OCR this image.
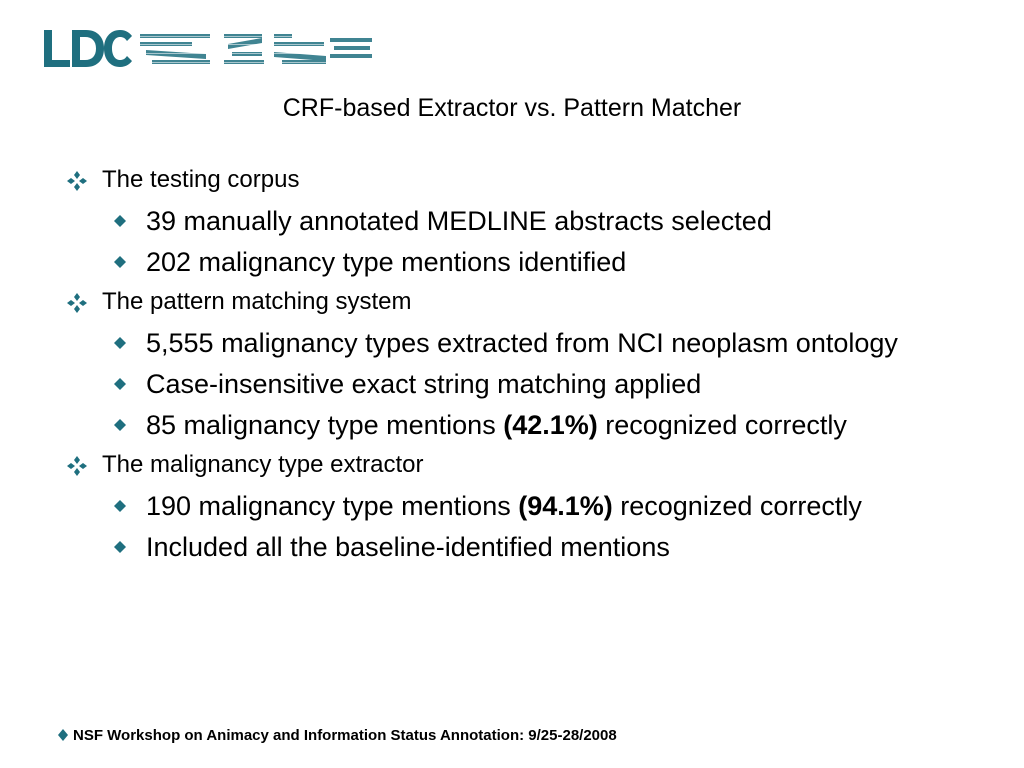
CRF-based Extractor vs. Pattern Matcher
The testing corpus
39 manually annotated MEDLINE abstracts selected
202 malignancy type mentions identified
The pattern matching system
5,555 malignancy types extracted from NCI neoplasm ontology
Case-insensitive exact string matching applied
85 malignancy type mentions (42.1%) recognized correctly
The malignancy type extractor
190 malignancy type mentions (94.1%) recognized correctly
Included all the baseline-identified mentions
NSF Workshop on Animacy and Information Status Annotation: 9/25-28/2008
